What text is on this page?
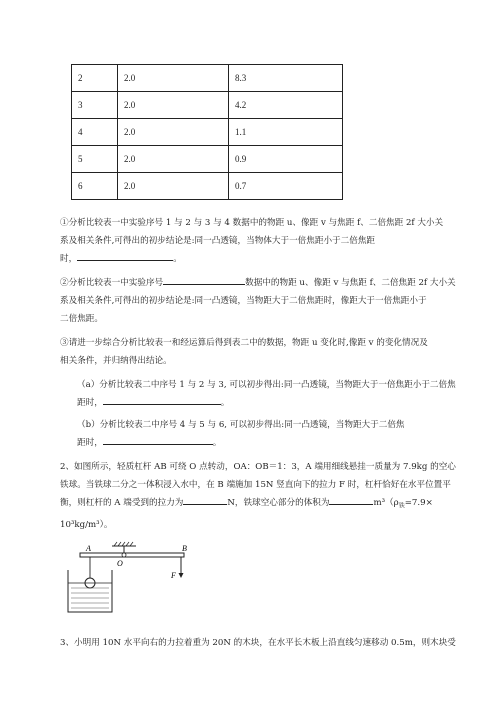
2	2.0	8.3
3	2.0	4.2
4	2.0	1.1
5	2.0	0.9
6	2.0	0.7
①分析比较表一中实验序号 1 与 2 与 3 与 4 数据中的物距 u、像距 v 与焦距 f、二倍焦距 2f 大小关
系及相关条件,可得出的初步结论是:同一凸透镜，当物体大于一倍焦距小于二倍焦距
时，	。
②分析比较表一中实验序号	数据中的物距 u、像距 v 与焦距 f、二倍焦距 2f 大小关
系及相关条件,可得出的初步结论是:同一凸透镜，当物距大于二倍焦距时，像距大于一倍焦距小于
二倍焦距。
③请进一步综合分析比较表一和经运算后得到表二中的数据，物距 u 变化时,像距 v 的变化情况及
相关条件，并归纳得出结论。
（a）分析比较表二中序号 1 与 2 与 3, 可以初步得出:同一凸透镜，当物距大于一倍焦距小于二倍焦
距时，	。
（b）分析比较表二中序号 4 与 5 与 6, 可以初步得出:同一凸透镜，当物距大于二倍焦
距时，	。
2、如图所示，轻质杠杆 AB 可绕 O 点转动，OA：OB＝1：3，A 端用细线悬挂一质量为 7.9kg 的空心
铁球。当铁球二分之一体积浸入水中，在 B 端施加 15N 竖直向下的拉力 F 时，杠杆恰好在水平位置平
衡，则杠杆的 A 端受到的拉力为	N，铁球空心部分的体积为	$m^3(\rho_铁=7.9\times$
10³kg/m³）。
A
O
B
F
3、小明用 10N 水平向右的力拉着重为 20N 的木块，在水平长木板上沿直线匀速移动 0.5m，则木块受
